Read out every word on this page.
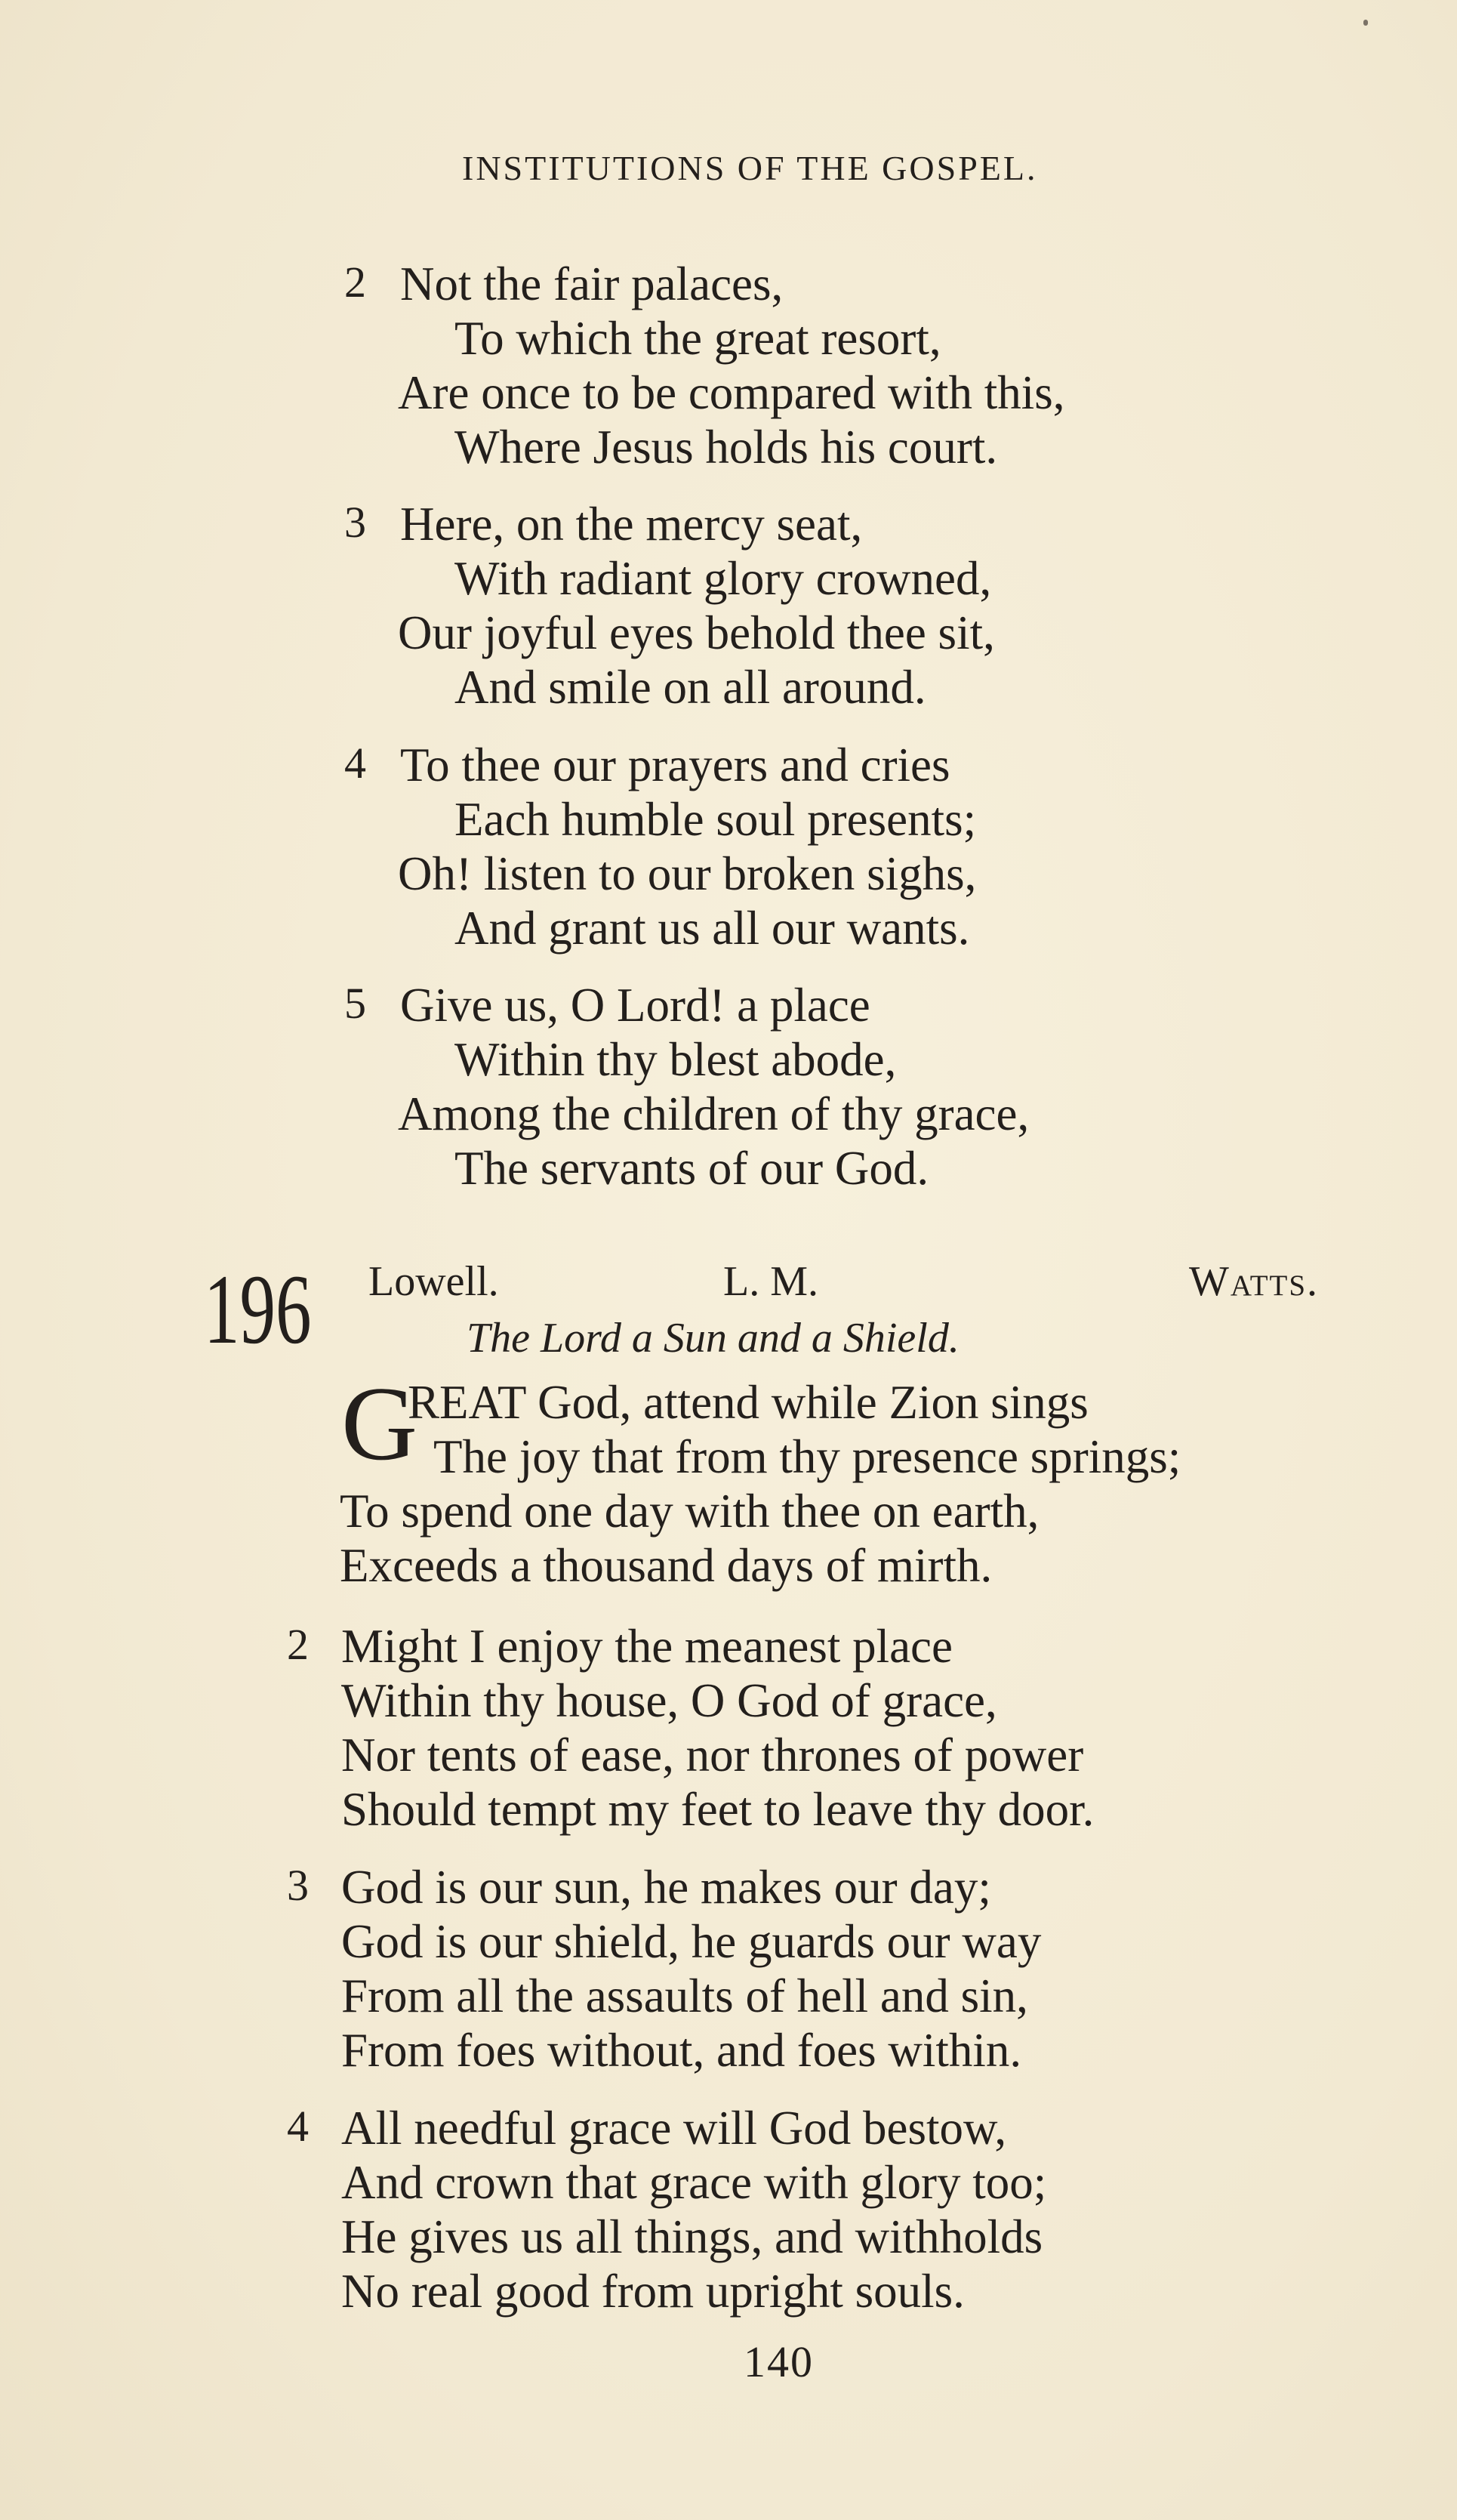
INSTITUTIONS OF THE GOSPEL.
2 Not the fair palaces,
To which the great resort,
Are once to be compared with this,
Where Jesus holds his court.
3 Here, on the mercy seat,
With radiant glory crowned,
Our joyful eyes behold thee sit,
And smile on all around.
4 To thee our prayers and cries
Each humble soul presents;
Oh! listen to our broken sighs,
And grant us all our wants.
5 Give us, O Lord! a place
Within thy blest abode,
Among the children of thy grace,
The servants of our God.
196 Lowell.	L. M.	Watts.
The Lord a Sun and a Shield.
G
REAT God, attend while Zion sings
The joy that from thy presence springs;
To spend one day with thee on earth,
Exceeds a thousand days of mirth.
2 Might I enjoy the meanest place
Within thy house, O God of grace,
Nor tents of ease, nor thrones of power
Should tempt my feet to leave thy door.
3 God is our sun, he makes our day;
God is our shield, he guards our way
From all the assaults of hell and sin,
From foes without, and foes within.
4 All needful grace will God bestow,
And crown that grace with glory too;
He gives us all things, and withholds
No real good from upright souls.
140
